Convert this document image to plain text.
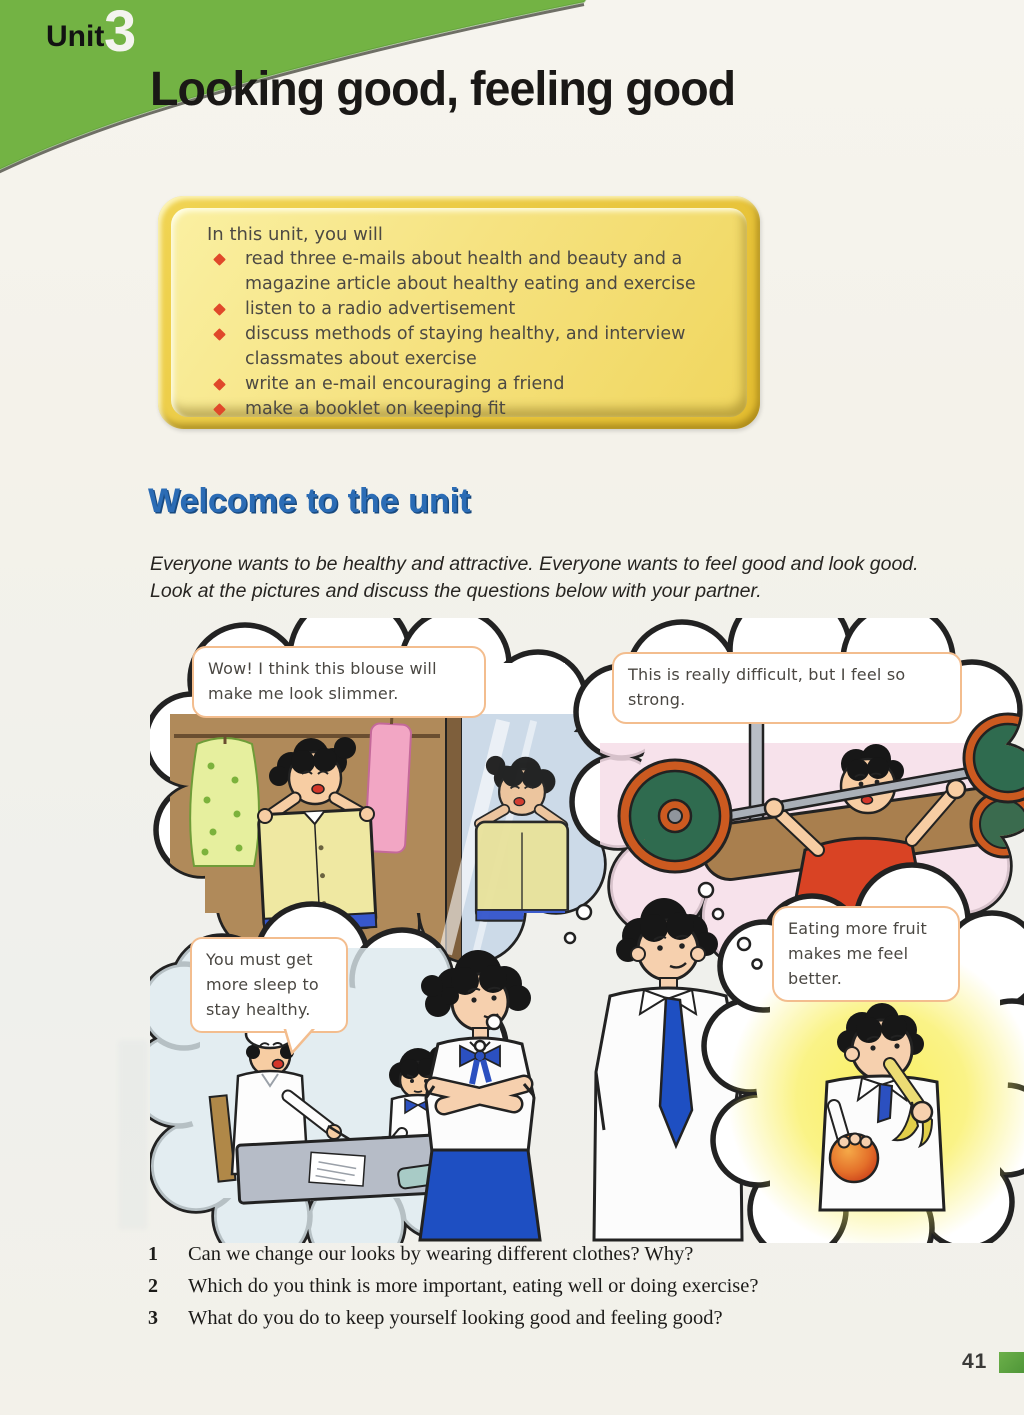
Unit 3
Looking good, feeling good
In this unit, you will
read three e-mails about health and beauty and a magazine article about healthy eating and exercise
listen to a radio advertisement
discuss methods of staying healthy, and interview classmates about exercise
write an e-mail encouraging a friend
make a booklet on keeping fit
Welcome to the unit
Everyone wants to be healthy and attractive. Everyone wants to feel good and look good.
Look at the pictures and discuss the questions below with your partner.
Wow! I think this blouse will make me look slimmer.
This is really difficult, but I feel so strong.
You must get more sleep to stay healthy.
Eating more fruit makes me feel better.
1	Can we change our looks by wearing different clothes? Why?
2	Which do you think is more important, eating well or doing exercise?
3	What do you do to keep yourself looking good and feeling good?
41
